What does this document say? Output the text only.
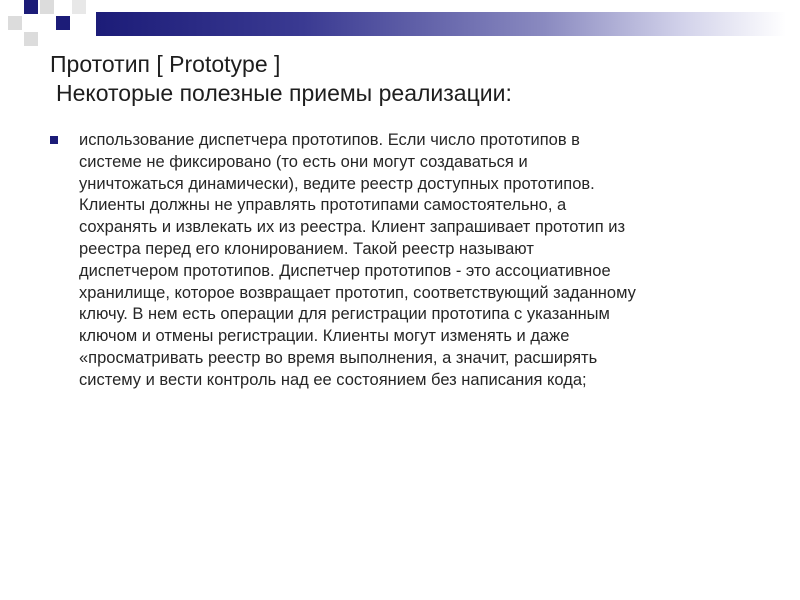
Прототип [ Prototype ]
Некоторые полезные приемы реализации:
использование диспетчера прототипов. Если число прототипов в
системе не фиксировано (то есть они могут создаваться и
уничтожаться динамически), ведите реестр доступных прототипов.
Клиенты должны не управлять прототипами самостоятельно, а
сохранять и извлекать их из реестра. Клиент запрашивает прототип из
реестра перед его клонированием. Такой реестр называют
диспетчером прототипов. Диспетчер прототипов - это ассоциативное
хранилище, которое возвращает прототип, соответствующий заданному
ключу. В нем есть операции для регистрации прототипа с указанным
ключом и отмены регистрации. Клиенты могут изменять и даже
«просматривать реестр во время выполнения, а значит, расширять
систему и вести контроль над ее состоянием без написания кода;
